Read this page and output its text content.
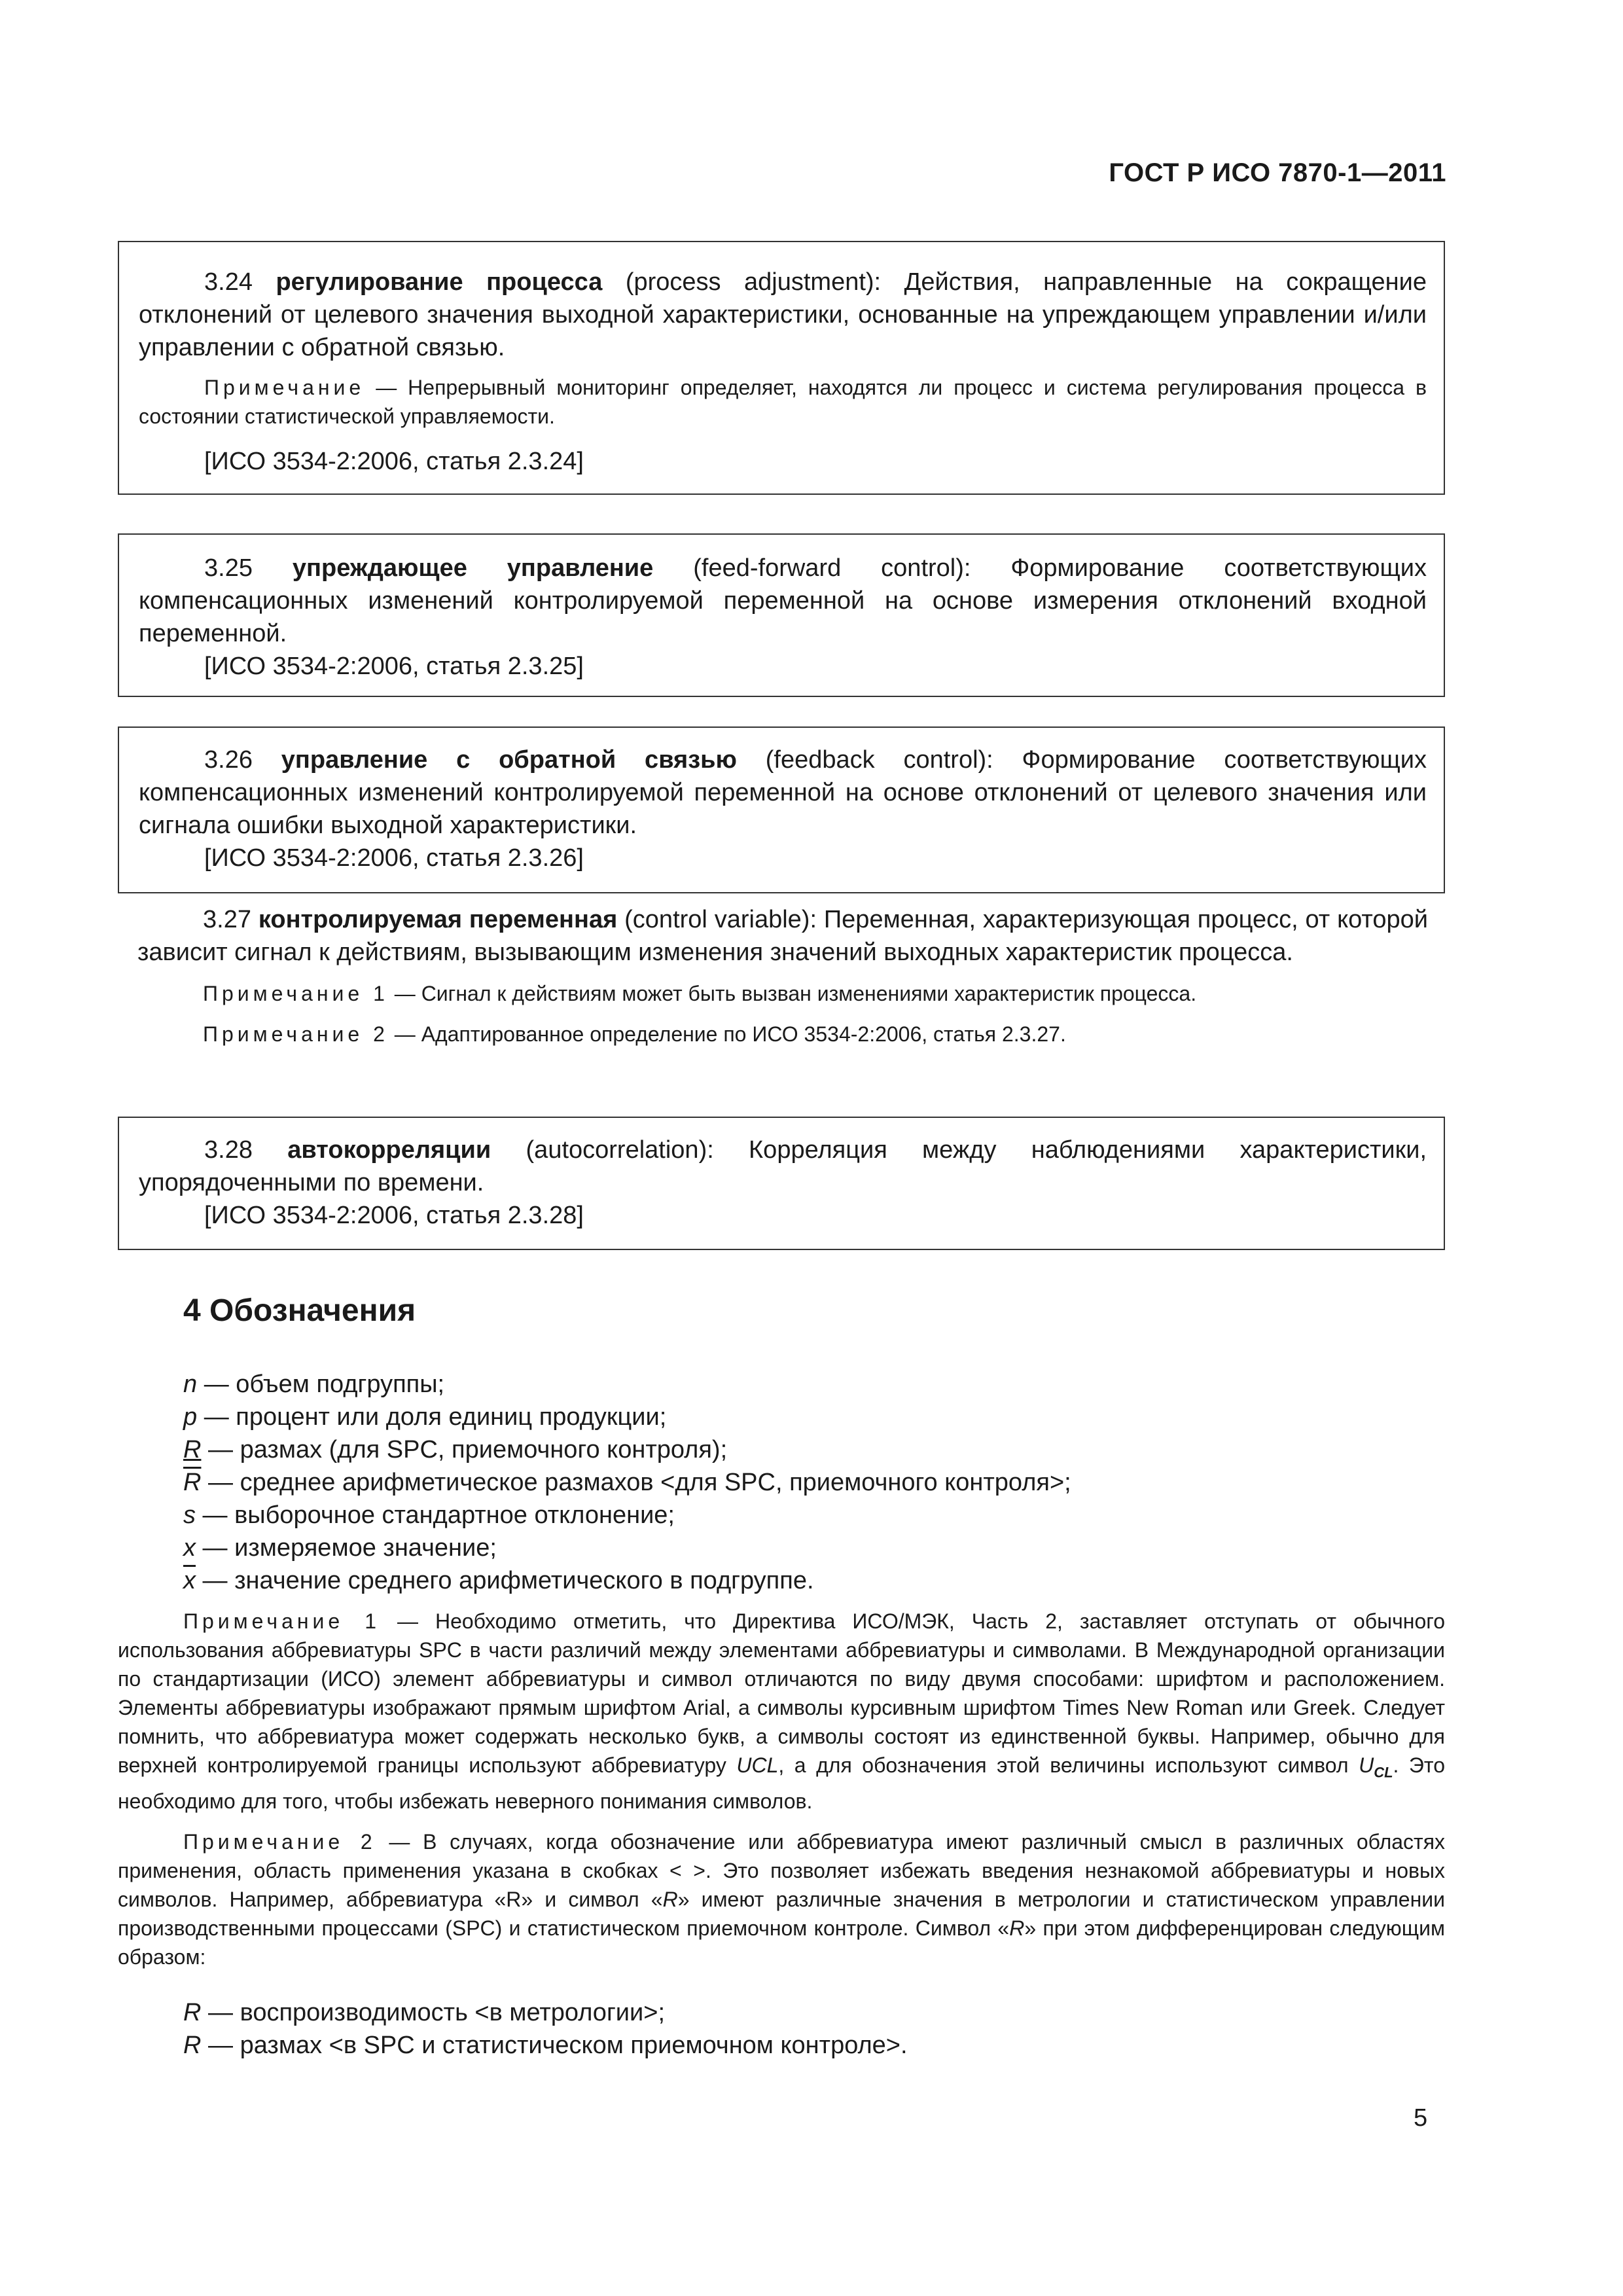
ГОСТ Р ИСО 7870-1—2011

3.24 регулирование процесса (process adjustment): Действия, направленные на сокращение отклонений от целевого значения выходной характеристики, основанные на упреждающем управлении и/или управлении с обратной связью.

Примечание — Непрерывный мониторинг определяет, находятся ли процесс и система регулирования процесса в состоянии статистической управляемости.

[ИСО 3534-2:2006, статья 2.3.24]

3.25 упреждающее управление (feed-forward control): Формирование соответствующих компенсационных изменений контролируемой переменной на основе измерения отклонений входной переменной.

[ИСО 3534-2:2006, статья 2.3.25]

3.26 управление с обратной связью (feedback control): Формирование соответствующих компенсационных изменений контролируемой переменной на основе отклонений от целевого значения или сигнала ошибки выходной характеристики.

[ИСО 3534-2:2006, статья 2.3.26]

3.27 контролируемая переменная (control variable): Переменная, характеризующая процесс, от которой зависит сигнал к действиям, вызывающим изменения значений выходных характеристик процесса.

Примечание 1 — Сигнал к действиям может быть вызван изменениями характеристик процесса.

Примечание 2 — Адаптированное определение по ИСО 3534-2:2006, статья 2.3.27.

3.28 автокорреляции (autocorrelation): Корреляция между наблюдениями характеристики, упорядоченными по времени.

[ИСО 3534-2:2006, статья 2.3.28]

4 Обозначения
n — объем подгруппы;
p — процент или доля единиц продукции;
R — размах (для SPC, приемочного контроля);
$\overline{R}$ — среднее арифметическое размахов <для SPC, приемочного контроля>;
s — выборочное стандартное отклонение;
x — измеряемое значение;
$\overline{x}$ — значение среднего арифметического в подгруппе.

Примечание 1 — Необходимо отметить, что Директива ИСО/МЭК, Часть 2, заставляет отступать от обычного использования аббревиатуры SPC в части различий между элементами аббревиатуры и символами. В Международной организации по стандартизации (ИСО) элемент аббревиатуры и символ отличаются по виду двумя способами: шрифтом и расположением. Элементы аббревиатуры изображают прямым шрифтом Arial, а символы курсивным шрифтом Times New Roman или Greek. Следует помнить, что аббревиатура может содержать несколько букв, а символы состоят из единственной буквы. Например, обычно для верхней контролируемой границы используют аббревиатуру UCL, а для обозначения этой величины используют символ $U_{CL}$. Это необходимо для того, чтобы избежать неверного понимания символов.

Примечание 2 — В случаях, когда обозначение или аббревиатура имеют различный смысл в различных областях применения, область применения указана в скобках < >. Это позволяет избежать введения незнакомой аббревиатуры и новых символов. Например, аббревиатура «R» и символ «R» имеют различные значения в метрологии и статистическом управлении производственными процессами (SPC) и статистическом приемочном контроле. Символ «R» при этом дифференцирован следующим образом:

R — воспроизводимость <в метрологии>;
R — размах <в SPC и статистическом приемочном контроле>.
5
